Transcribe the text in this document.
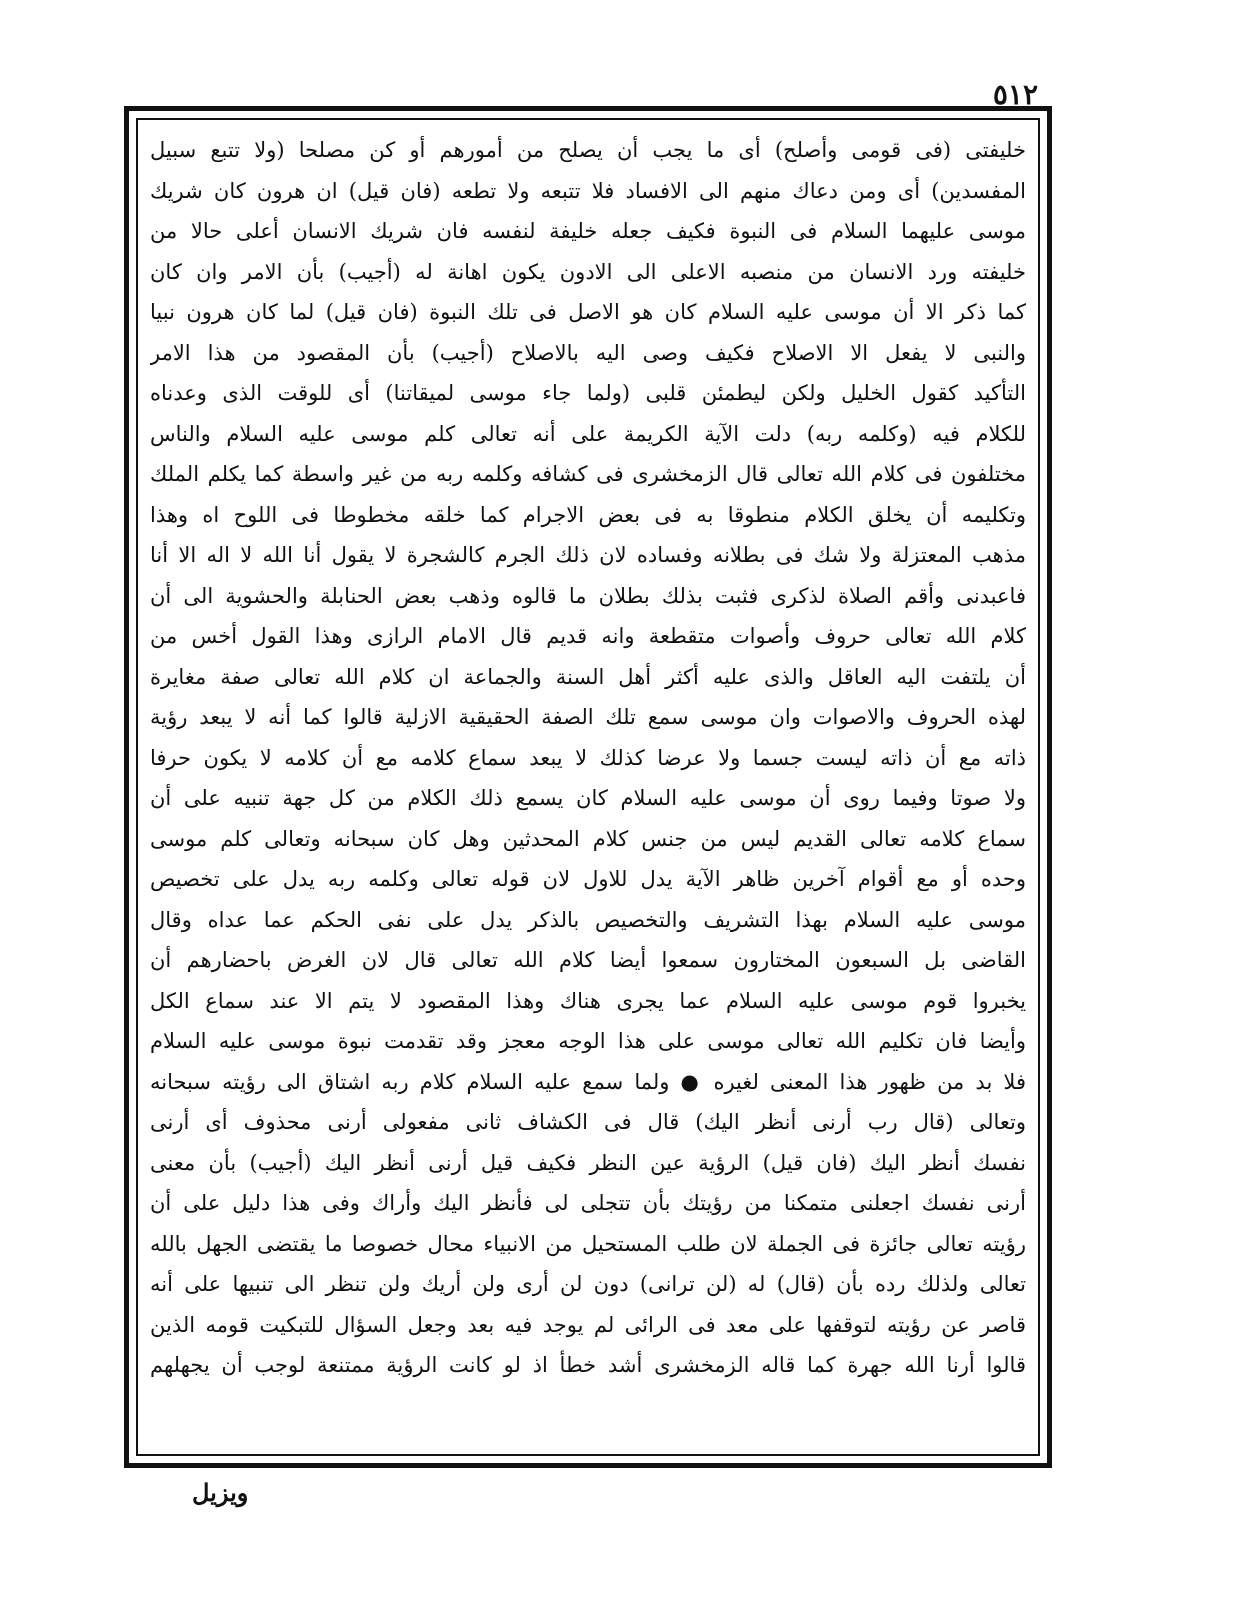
٥١٢
خليفتى (فى قومى وأصلح) أى ما يجب أن يصلح من أمورهم أو كن مصلحا (ولا تتبع سبيل
المفسدين) أى ومن دعاك منهم الى الافساد فلا تتبعه ولا تطعه (فان قيل) ان هرون كان شريك
موسى عليهما السلام فى النبوة فكيف جعله خليفة لنفسه فان شريك الانسان أعلى حالا من
خليفته ورد الانسان من منصبه الاعلى الى الادون يكون اهانة له (أجيب) بأن الامر وان كان
كما ذكر الا أن موسى عليه السلام كان هو الاصل فى تلك النبوة (فان قيل) لما كان هرون نبيا
والنبى لا يفعل الا الاصلاح فكيف وصى اليه بالاصلاح (أجيب) بأن المقصود من هذا الامر
التأكيد كقول الخليل ولكن ليطمئن قلبى (ولما جاء موسى لميقاتنا) أى للوقت الذى وعدناه
للكلام فيه (وكلمه ربه) دلت الآية الكريمة على أنه تعالى كلم موسى عليه السلام والناس
مختلفون فى كلام الله تعالى قال الزمخشرى فى كشافه وكلمه ربه من غير واسطة كما يكلم الملك
وتكليمه أن يخلق الكلام منطوقا به فى بعض الاجرام كما خلقه مخطوطا فى اللوح اه وهذا
مذهب المعتزلة ولا شك فى بطلانه وفساده لان ذلك الجرم كالشجرة لا يقول أنا الله لا اله الا أنا
فاعبدنى وأقم الصلاة لذكرى فثبت بذلك بطلان ما قالوه وذهب بعض الحنابلة والحشوية الى أن
كلام الله تعالى حروف وأصوات متقطعة وانه قديم قال الامام الرازى وهذا القول أخس من
أن يلتفت اليه العاقل والذى عليه أكثر أهل السنة والجماعة ان كلام الله تعالى صفة مغايرة
لهذه الحروف والاصوات وان موسى سمع تلك الصفة الحقيقية الازلية قالوا كما أنه لا يبعد رؤية
ذاته مع أن ذاته ليست جسما ولا عرضا كذلك لا يبعد سماع كلامه مع أن كلامه لا يكون حرفا
ولا صوتا وفيما روى أن موسى عليه السلام كان يسمع ذلك الكلام من كل جهة تنبيه على أن
سماع كلامه تعالى القديم ليس من جنس كلام المحدثين وهل كان سبحانه وتعالى كلم موسى
وحده أو مع أقوام آخرين ظاهر الآية يدل للاول لان قوله تعالى وكلمه ربه يدل على تخصيص
موسى عليه السلام بهذا التشريف والتخصيص بالذكر يدل على نفى الحكم عما عداه وقال
القاضى بل السبعون المختارون سمعوا أيضا كلام الله تعالى قال لان الغرض باحضارهم أن
يخبروا قوم موسى عليه السلام عما يجرى هناك وهذا المقصود لا يتم الا عند سماع الكل
وأيضا فان تكليم الله تعالى موسى على هذا الوجه معجز وقد تقدمت نبوة موسى عليه السلام
فلا بد من ظهور هذا المعنى لغيره ● ولما سمع عليه السلام كلام ربه اشتاق الى رؤيته سبحانه
وتعالى (قال رب أرنى أنظر اليك) قال فى الكشاف ثانى مفعولى أرنى محذوف أى أرنى
نفسك أنظر اليك (فان قيل) الرؤية عين النظر فكيف قيل أرنى أنظر اليك (أجيب) بأن معنى
أرنى نفسك اجعلنى متمكنا من رؤيتك بأن تتجلى لى فأنظر اليك وأراك وفى هذا دليل على أن
رؤيته تعالى جائزة فى الجملة لان طلب المستحيل من الانبياء محال خصوصا ما يقتضى الجهل بالله
تعالى ولذلك رده بأن (قال) له (لن ترانى) دون لن أرى ولن أريك ولن تنظر الى تنبيها على أنه
قاصر عن رؤيته لتوقفها على معد فى الرائى لم يوجد فيه بعد وجعل السؤال للتبكيت قومه الذين
قالوا أرنا الله جهرة كما قاله الزمخشرى أشد خطأ اذ لو كانت الرؤية ممتنعة لوجب أن يجهلهم
ويزيل
